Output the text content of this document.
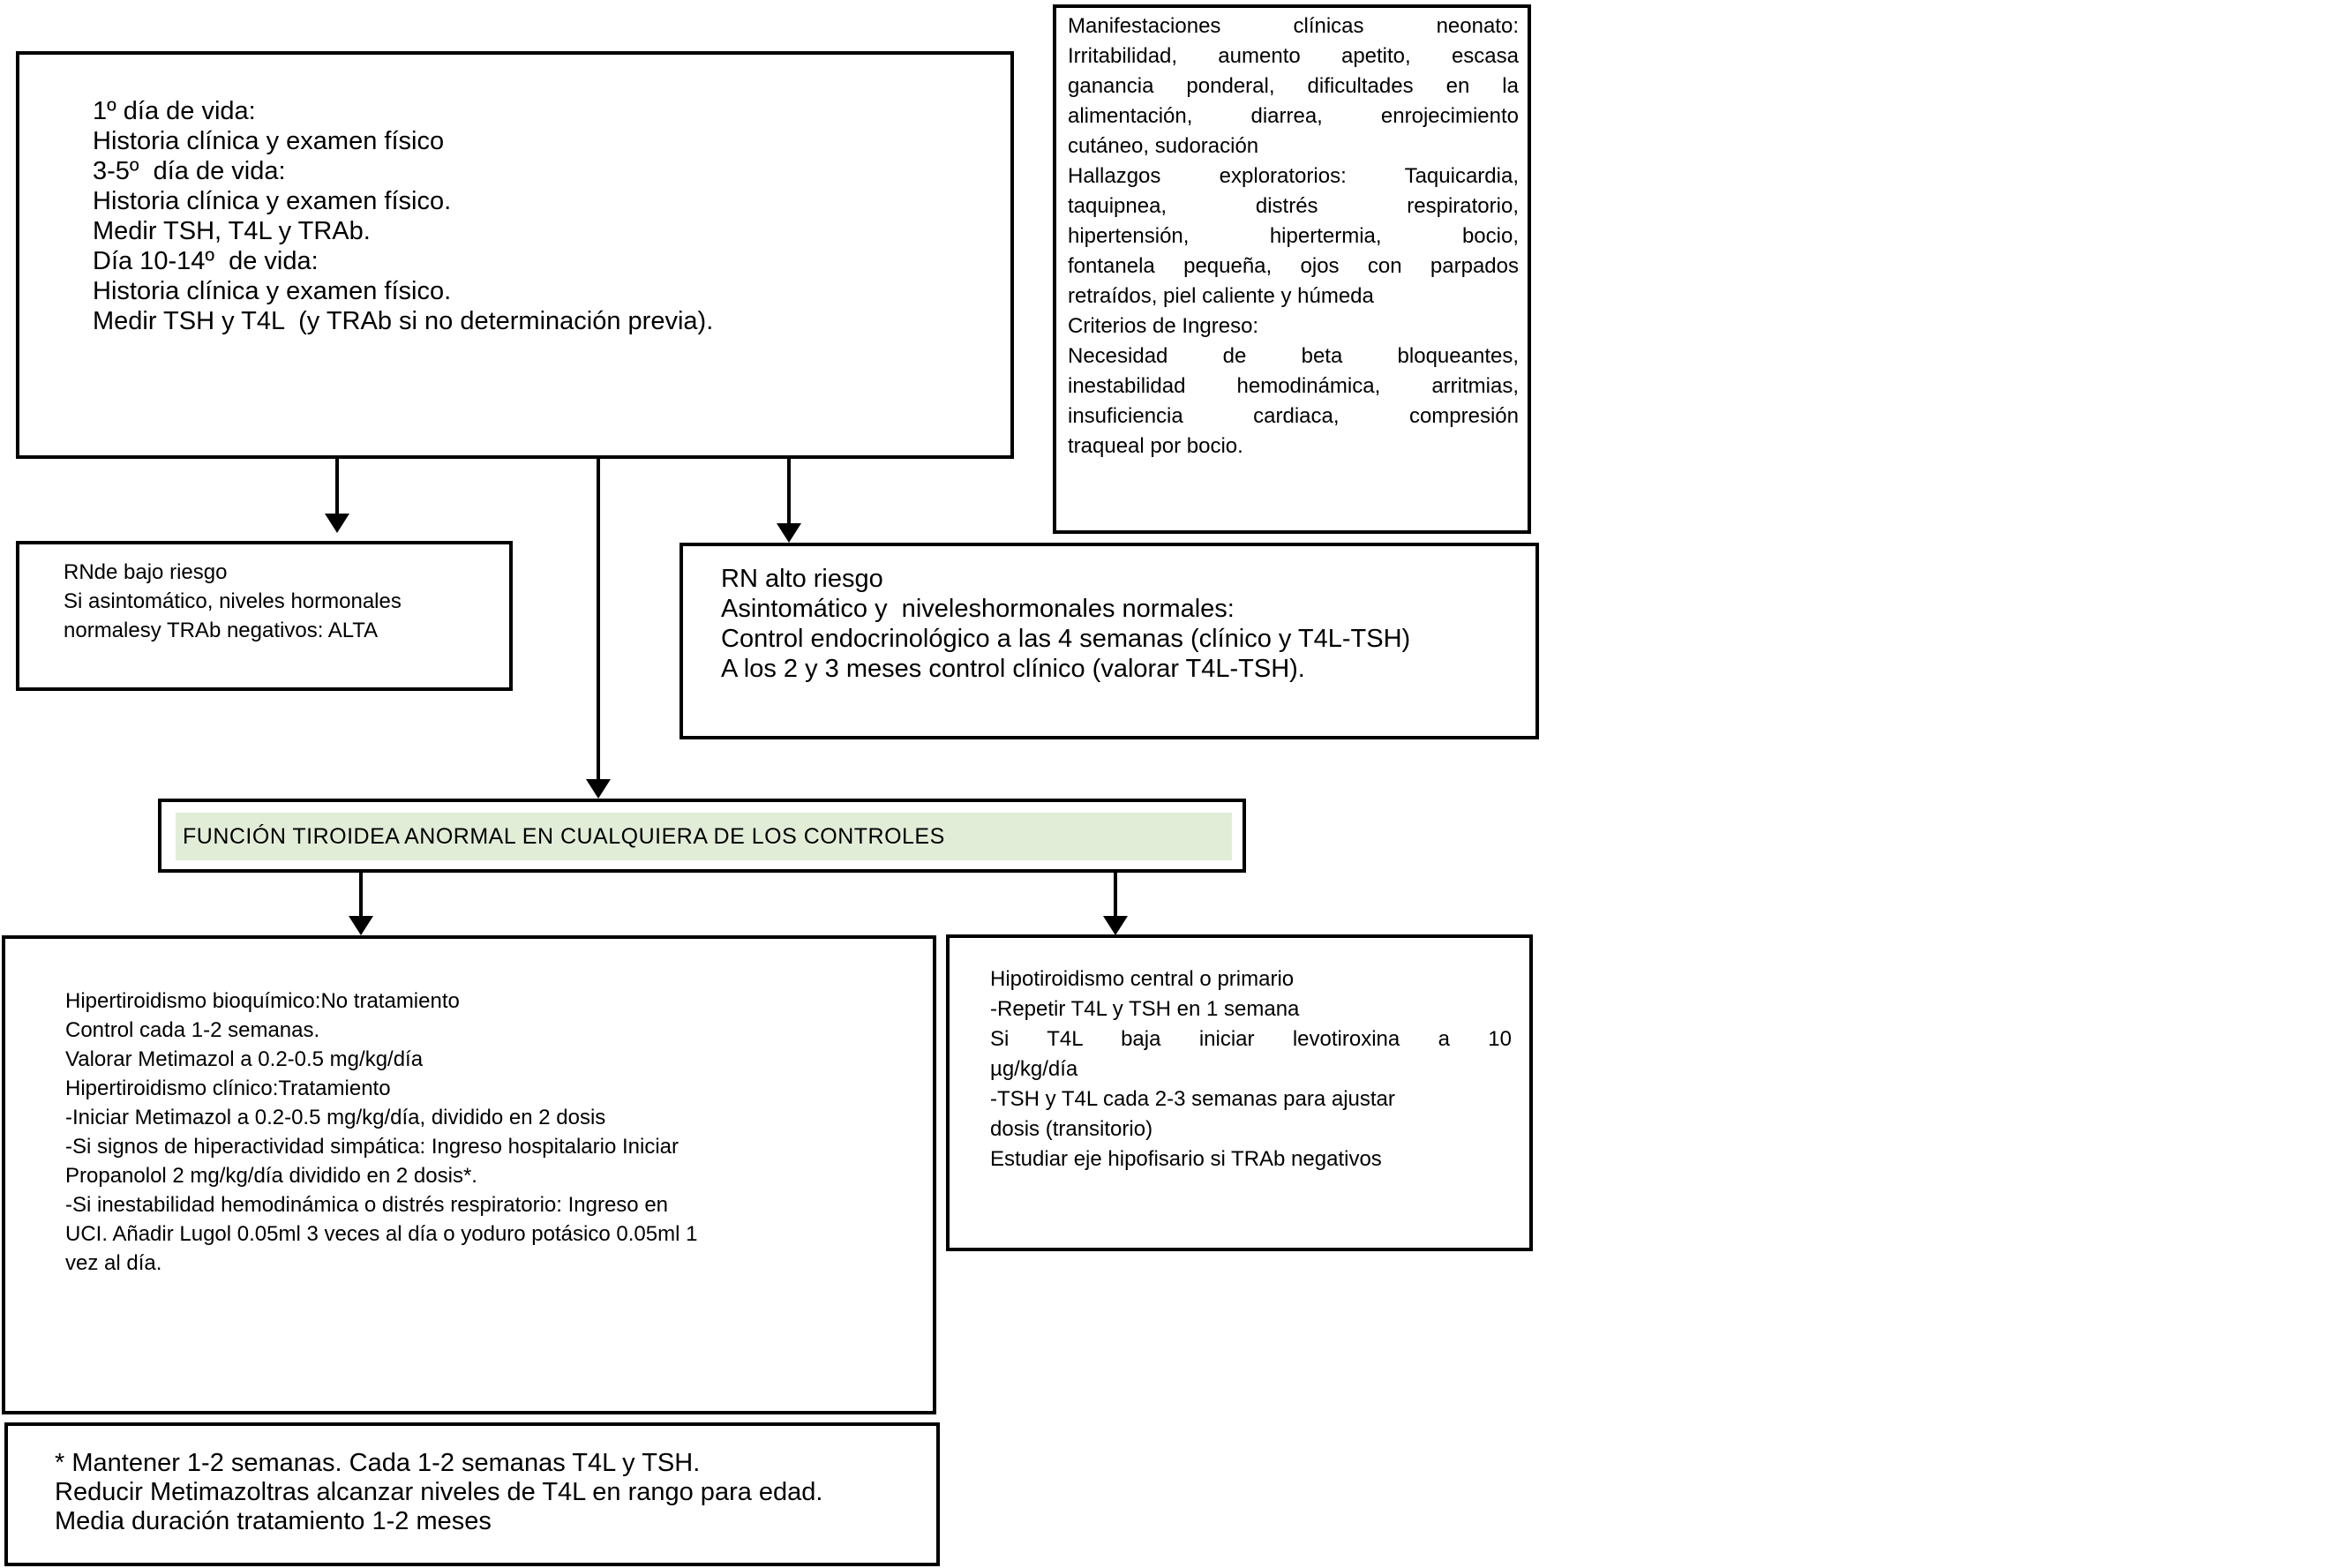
1º día de vida:
Historia clínica y examen físico
3-5º  día de vida:
Historia clínica y examen físico.
Medir TSH, T4L y TRAb.
Día 10-14º  de vida:
Historia clínica y examen físico.
Medir TSH y T4L  (y TRAb si no determinación previa).
Manifestaciones clínicas neonato:
Irritabilidad, aumento apetito, escasa
ganancia ponderal, dificultades en la
alimentación, diarrea, enrojecimiento
cutáneo, sudoración
Hallazgos exploratorios: Taquicardia,
taquipnea, distrés respiratorio,
hipertensión, hipertermia, bocio,
fontanela pequeña, ojos con parpados
retraídos, piel caliente y húmeda
Criterios de Ingreso:
Necesidad de beta bloqueantes,
inestabilidad hemodinámica, arritmias,
insuficiencia cardiaca, compresión
traqueal por bocio.
RNde bajo riesgo
Si asintomático, niveles hormonales
normalesy TRAb negativos: ALTA
RN alto riesgo
Asintomático y  niveleshormonales normales:
Control endocrinológico a las 4 semanas (clínico y T4L-TSH)
A los 2 y 3 meses control clínico (valorar T4L-TSH).
FUNCIÓN TIROIDEA ANORMAL EN CUALQUIERA DE LOS CONTROLES
Hipertiroidismo bioquímico:No tratamiento
Control cada 1-2 semanas.
Valorar Metimazol a 0.2-0.5 mg/kg/día
Hipertiroidismo clínico:Tratamiento
-Iniciar Metimazol a 0.2-0.5 mg/kg/día, dividido en 2 dosis
-Si signos de hiperactividad simpática: Ingreso hospitalario Iniciar
Propanolol 2 mg/kg/día dividido en 2 dosis*.
-Si inestabilidad hemodinámica o distrés respiratorio: Ingreso en
UCI. Añadir Lugol 0.05ml 3 veces al día o yoduro potásico 0.05ml 1
vez al día.
Hipotiroidismo central o primario
-Repetir T4L y TSH en 1 semana
Si T4L baja iniciar levotiroxina a 10
µg/kg/día
-TSH y T4L cada 2-3 semanas para ajustar
dosis (transitorio)
Estudiar eje hipofisario si TRAb negativos
* Mantener 1-2 semanas. Cada 1-2 semanas T4L y TSH.
Reducir Metimazoltras alcanzar niveles de T4L en rango para edad.
Media duración tratamiento 1-2 meses
